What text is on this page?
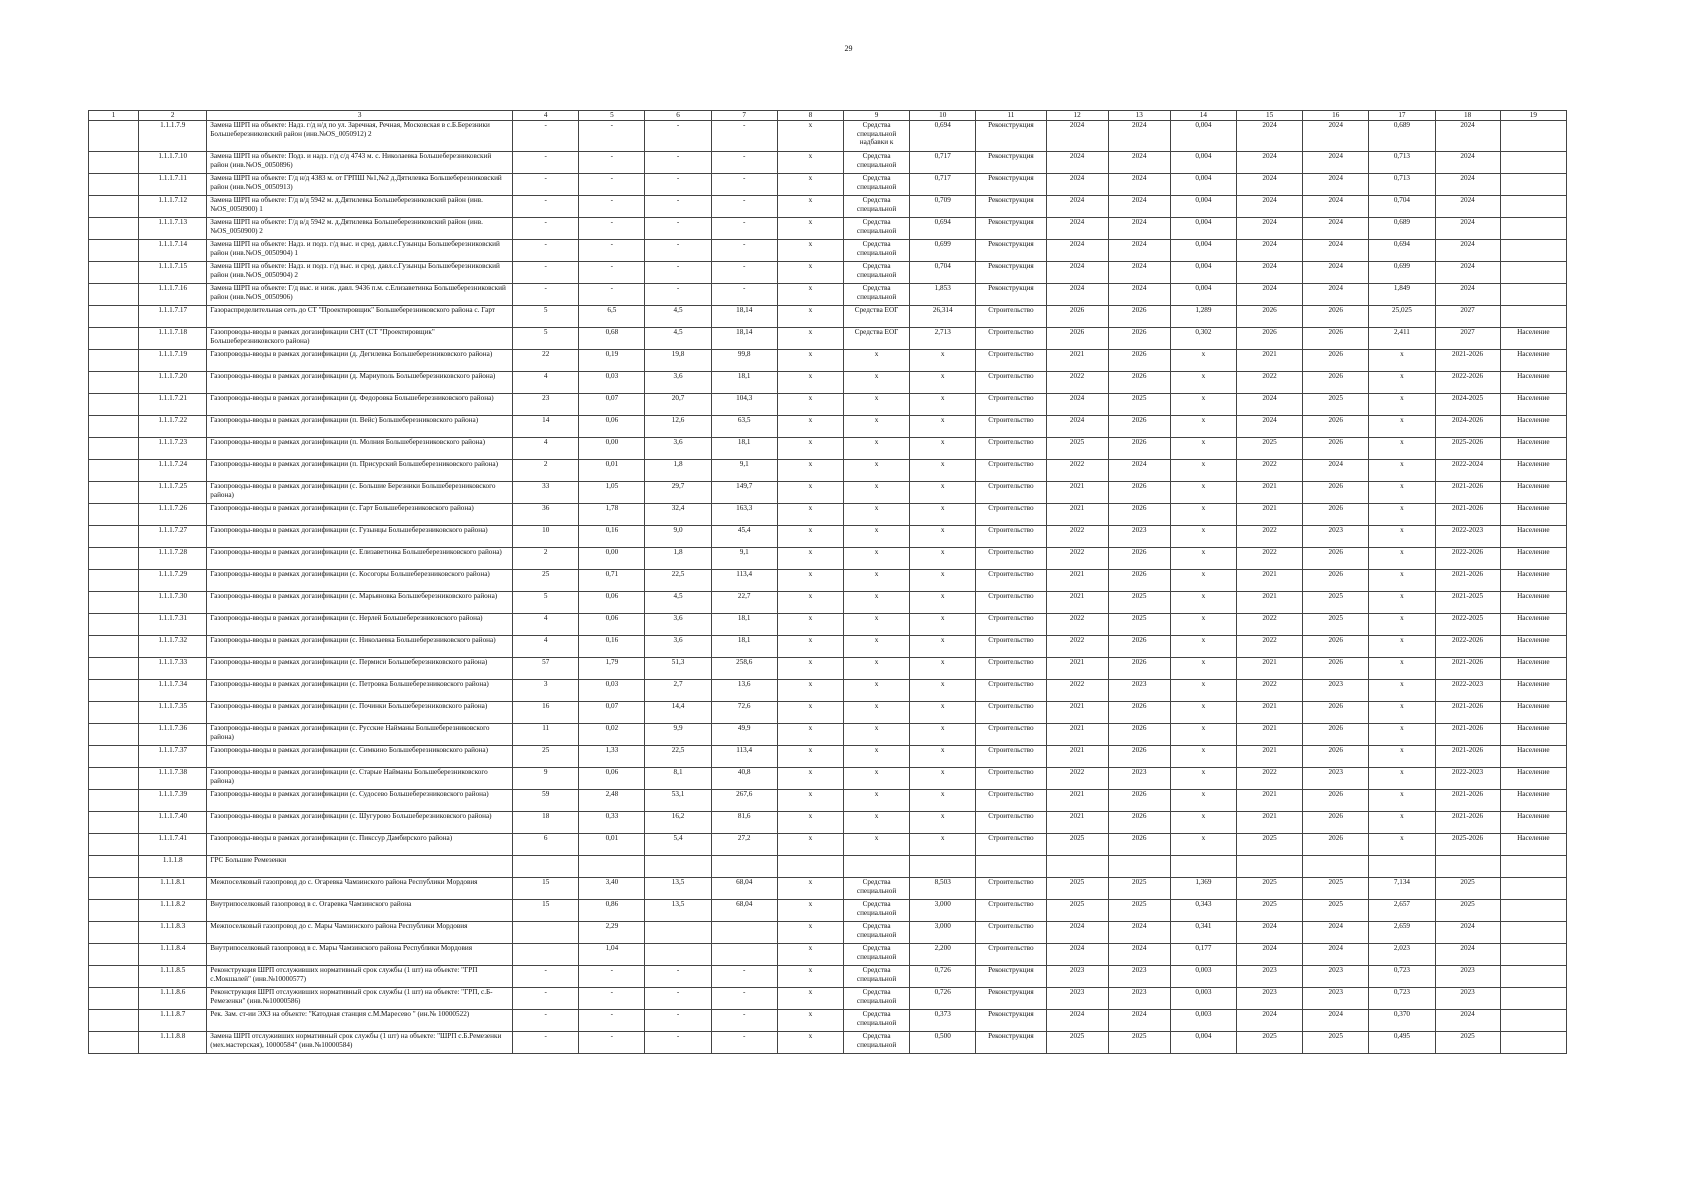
29
1	2	3	4	5	6	7	8	9	10	11	12	13	14	15	16	17	18	19
	1.1.1.7.9	Замена ШРП на объекте: Надз. г/д н/д по ул. Заречная, Речная, Московская в с.Б.Березники Большеберезниковский район (инв.№OS_0050912) 2	-	-	-	-	x	Средства специальной надбавки к	0,694	Реконструкция	2024	2024	0,004	2024	2024	0,689	2024	
	1.1.1.7.10	Замена ШРП на объекте: Подз. и надз. г/д с/д 4743 м. с. Николаевка Большеберезниковский район (инв.№OS_0050896)	-	-	-	-	x	Средства специальной	0,717	Реконструкция	2024	2024	0,004	2024	2024	0,713	2024	
	1.1.1.7.11	Замена ШРП на объекте: Г/д н/д 4383 м. от ГРПШ №1,№2 д.Дятилевка Большеберезниковский район (инв.№OS_0050913)	-	-	-	-	x	Средства специальной	0,717	Реконструкция	2024	2024	0,004	2024	2024	0,713	2024	
	1.1.1.7.12	Замена ШРП на объекте: Г/д в/д 5942 м. д.Дятилевка Большеберезниковский район (инв.№OS_0050900) 1	-	-	-	-	x	Средства специальной	0,709	Реконструкция	2024	2024	0,004	2024	2024	0,704	2024	
	1.1.1.7.13	Замена ШРП на объекте: Г/д в/д 5942 м. д.Дятилевка Большеберезниковский район (инв.№OS_0050900) 2	-	-	-	-	x	Средства специальной	0,694	Реконструкция	2024	2024	0,004	2024	2024	0,689	2024	
	1.1.1.7.14	Замена ШРП на объекте: Надз. и подз. г/д выс. и сред. давл.с.Гузынцы Большеберезниковский район (инв.№OS_0050904) 1	-	-	-	-	x	Средства специальной	0,699	Реконструкция	2024	2024	0,004	2024	2024	0,694	2024	
	1.1.1.7.15	Замена ШРП на объекте: Надз. и подз. г/д выс. и сред. давл.с.Гузынцы Большеберезниковский район (инв.№OS_0050904) 2	-	-	-	-	x	Средства специальной	0,704	Реконструкция	2024	2024	0,004	2024	2024	0,699	2024	
	1.1.1.7.16	Замена ШРП на объекте: Г/д выс. и низк. давл. 9436 п.м. с.Елизаветинка Большеберезниковский район (инв.№OS_0050906)	-	-	-	-	x	Средства специальной	1,853	Реконструкция	2024	2024	0,004	2024	2024	1,849	2024	
	1.1.1.7.17	Газораспределительная сеть до СТ "Проектировщик" Большеберезниковского района с. Гарт	5	6,5	4,5	18,14	x	Средства ЕОГ	26,314	Строительство	2026	2026	1,289	2026	2026	25,025	2027	
	1.1.1.7.18	Газопроводы-вводы в рамках догазификации СНТ (СТ "Проектировщик" Большеберезниковского района)	5	0,68	4,5	18,14	x	Средства ЕОГ	2,713	Строительство	2026	2026	0,302	2026	2026	2,411	2027	Население
	1.1.1.7.19	Газопроводы-вводы в рамках догазификации (д. Дегилевка Большеберезниковского района)	22	0,19	19,8	99,8	x	x	x	Строительство	2021	2026	x	2021	2026	x	2021-2026	Население
	1.1.1.7.20	Газопроводы-вводы в рамках догазификации (д. Мариуполь Большеберезниковского района)	4	0,03	3,6	18,1	x	x	x	Строительство	2022	2026	x	2022	2026	x	2022-2026	Население
	1.1.1.7.21	Газопроводы-вводы в рамках догазификации (д. Федоровка Большеберезниковского района)	23	0,07	20,7	104,3	x	x	x	Строительство	2024	2025	x	2024	2025	x	2024-2025	Население
	1.1.1.7.22	Газопроводы-вводы в рамках догазификации (п. Вейс) Большеберезниковского района)	14	0,06	12,6	63,5	x	x	x	Строительство	2024	2026	x	2024	2026	x	2024-2026	Население
	1.1.1.7.23	Газопроводы-вводы в рамках догазификации (п. Молния Большеберезниковского района)	4	0,00	3,6	18,1	x	x	x	Строительство	2025	2026	x	2025	2026	x	2025-2026	Население
	1.1.1.7.24	Газопроводы-вводы в рамках догазификации (п. Присурский Большеберезниковского района)	2	0,01	1,8	9,1	x	x	x	Строительство	2022	2024	x	2022	2024	x	2022-2024	Население
	1.1.1.7.25	Газопроводы-вводы в рамках догазификации (с. Большие Березники Большеберезниковского района)	33	1,05	29,7	149,7	x	x	x	Строительство	2021	2026	x	2021	2026	x	2021-2026	Население
	1.1.1.7.26	Газопроводы-вводы в рамках догазификации (с. Гарт Большеберезниковского района)	36	1,78	32,4	163,3	x	x	x	Строительство	2021	2026	x	2021	2026	x	2021-2026	Население
	1.1.1.7.27	Газопроводы-вводы в рамках догазификации (с. Гузынцы Большеберезниковского района)	10	0,16	9,0	45,4	x	x	x	Строительство	2022	2023	x	2022	2023	x	2022-2023	Население
	1.1.1.7.28	Газопроводы-вводы в рамках догазификации (с. Елизаветинка Большеберезниковского района)	2	0,00	1,8	9,1	x	x	x	Строительство	2022	2026	x	2022	2026	x	2022-2026	Население
	1.1.1.7.29	Газопроводы-вводы в рамках догазификации (с. Косогоры Большеберезниковского района)	25	0,71	22,5	113,4	x	x	x	Строительство	2021	2026	x	2021	2026	x	2021-2026	Население
	1.1.1.7.30	Газопроводы-вводы в рамках догазификации (с. Марьяновка Большеберезниковского района)	5	0,06	4,5	22,7	x	x	x	Строительство	2021	2025	x	2021	2025	x	2021-2025	Население
	1.1.1.7.31	Газопроводы-вводы в рамках догазификации (с. Нерлей Большеберезниковского района)	4	0,06	3,6	18,1	x	x	x	Строительство	2022	2025	x	2022	2025	x	2022-2025	Население
	1.1.1.7.32	Газопроводы-вводы в рамках догазификации (с. Николаевка Большеберезниковского района)	4	0,16	3,6	18,1	x	x	x	Строительство	2022	2026	x	2022	2026	x	2022-2026	Население
	1.1.1.7.33	Газопроводы-вводы в рамках догазификации (с. Пермиси Большеберезниковского района)	57	1,79	51,3	258,6	x	x	x	Строительство	2021	2026	x	2021	2026	x	2021-2026	Население
	1.1.1.7.34	Газопроводы-вводы в рамках догазификации (с. Петровка Большеберезниковского района)	3	0,03	2,7	13,6	x	x	x	Строительство	2022	2023	x	2022	2023	x	2022-2023	Население
	1.1.1.7.35	Газопроводы-вводы в рамках догазификации (с. Починки Большеберезниковского района)	16	0,07	14,4	72,6	x	x	x	Строительство	2021	2026	x	2021	2026	x	2021-2026	Население
	1.1.1.7.36	Газопроводы-вводы в рамках догазификации (с. Русские Найманы Большеберезниковского района)	11	0,02	9,9	49,9	x	x	x	Строительство	2021	2026	x	2021	2026	x	2021-2026	Население
	1.1.1.7.37	Газопроводы-вводы в рамках догазификации (с. Симкино Большеберезниковского района)	25	1,33	22,5	113,4	x	x	x	Строительство	2021	2026	x	2021	2026	x	2021-2026	Население
	1.1.1.7.38	Газопроводы-вводы в рамках догазификации (с. Старые Найманы Большеберезниковского района)	9	0,06	8,1	40,8	x	x	x	Строительство	2022	2023	x	2022	2023	x	2022-2023	Население
	1.1.1.7.39	Газопроводы-вводы в рамках догазификации (с. Судосево Большеберезниковского района)	59	2,48	53,1	267,6	x	x	x	Строительство	2021	2026	x	2021	2026	x	2021-2026	Население
	1.1.1.7.40	Газопроводы-вводы в рамках догазификации (с. Шугурово Большеберезниковского района)	18	0,33	16,2	81,6	x	x	x	Строительство	2021	2026	x	2021	2026	x	2021-2026	Население
	1.1.1.7.41	Газопроводы-вводы в рамках догазификации (с. Пикссур Дамбирского района)	6	0,01	5,4	27,2	x	x	x	Строительство	2025	2026	x	2025	2026	x	2025-2026	Население
	1.1.1.8	ГРС Большие Ремезенки																
	1.1.1.8.1	Межпоселковый газопровод до с. Огаревка Чамзинского района Республики Мордовия	15	3,40	13,5	68,04	x	Средства специальной	8,503	Строительство	2025	2025	1,369	2025	2025	7,134	2025	
	1.1.1.8.2	Внутрипоселковый газопровод в с. Огаревка Чамзинского района	15	0,86	13,5	68,04	x	Средства специальной	3,000	Строительство	2025	2025	0,343	2025	2025	2,657	2025	
	1.1.1.8.3	Межпоселковый газопровод до с. Мары Чамзинского района Республики Мордовия		2,29			x	Средства специальной	3,000	Строительство	2024	2024	0,341	2024	2024	2,659	2024	
	1.1.1.8.4	Внутрипоселковый газопровод в с. Мары Чамзинского района Республики Мордовия		1,04			x	Средства специальной	2,200	Строительство	2024	2024	0,177	2024	2024	2,023	2024	
	1.1.1.8.5	Реконструкция ШРП отслуживших нормативный срок службы (1 шт) на объекте: "ГРП с.Мокшалей" (инв.№10000577)	-	-	-	-	x	Средства специальной	0,726	Реконструкция	2023	2023	0,003	2023	2023	0,723	2023	
	1.1.1.8.6	Реконструкция ШРП отслуживших нормативный срок службы (1 шт) на объекте: "ГРП, с.Б-Ремезенки" (инв.№10000586)	-	-	-	-	x	Средства специальной	0,726	Реконструкция	2023	2023	0,003	2023	2023	0,723	2023	
	1.1.1.8.7	Рек. Зам. ст-ии ЭХЗ на объекте: "Катодная станция с.М.Маресево " (ин.№ 10000522)	-	-	-	-	x	Средства специальной	0,373	Реконструкция	2024	2024	0,003	2024	2024	0,370	2024	
	1.1.1.8.8	Замена ШРП отслуживших нормативный срок службы (1 шт) на объекте: "ШРП с.Б.Ремезенки (мех.мастерская), 10000584" (инв.№10000584)	-	-	-	-	x	Средства специальной	0,500	Реконструкция	2025	2025	0,004	2025	2025	0,495	2025	
